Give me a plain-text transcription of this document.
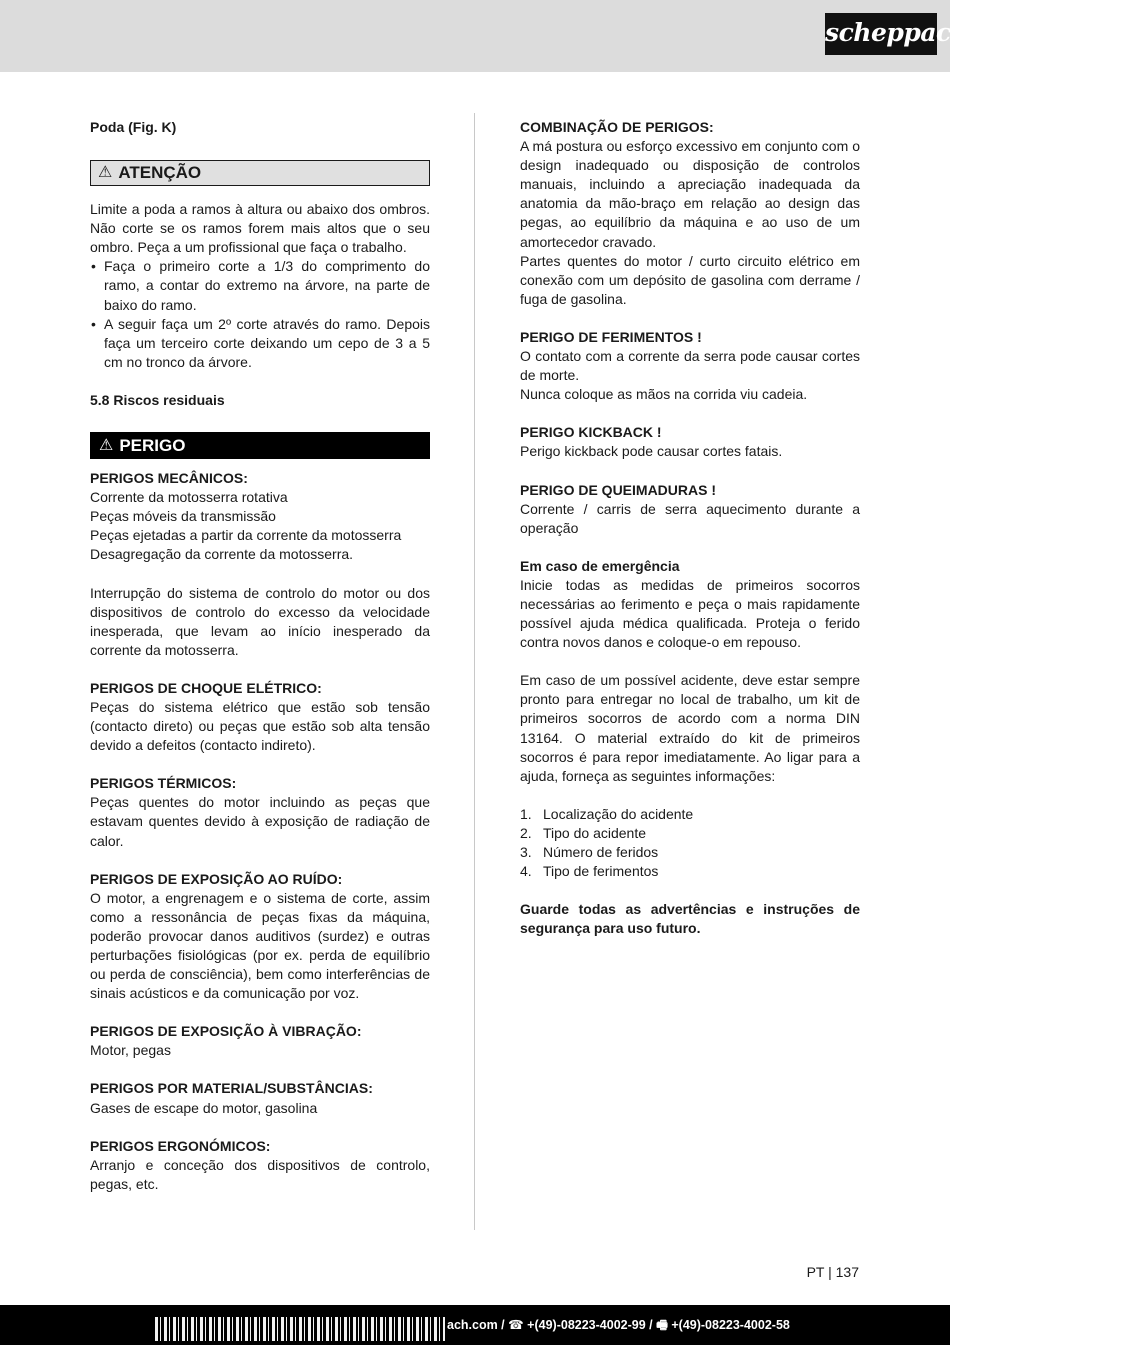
scheppach

Poda (Fig. K)

⚠ ATENÇÃO

Limite a poda a ramos à altura ou abaixo dos ombros. Não corte se os ramos forem mais altos que o seu ombro. Peça a um profissional que faça o trabalho.

• Faça o primeiro corte a 1/3 do comprimento do ramo, a contar do extremo na árvore, na parte de baixo do ramo.
• A seguir faça um 2º corte através do ramo. Depois faça um terceiro corte deixando um cepo de 3 a 5 cm no tronco da árvore.

5.8 Riscos residuais

⚠ PERIGO

PERIGOS MECÂNICOS:

Corrente da motosserra rotativa

Peças móveis da transmissão

Peças ejetadas a partir da corrente da motosserra

Desagregação da corrente da motosserra.

Interrupção do sistema de controlo do motor ou dos dispositivos de controlo do excesso da velocidade inesperada, que levam ao início inesperado da corrente da motosserra.

PERIGOS DE CHOQUE ELÉTRICO:

Peças do sistema elétrico que estão sob tensão (contacto direto) ou peças que estão sob alta tensão devido a defeitos (contacto indireto).

PERIGOS TÉRMICOS:

Peças quentes do motor incluindo as peças que estavam quentes devido à exposição de radiação de calor.

PERIGOS DE EXPOSIÇÃO AO RUÍDO:

O motor, a engrenagem e o sistema de corte, assim como a ressonância de peças fixas da máquina, poderão provocar danos auditivos (surdez) e outras perturbações fisiológicas (por ex. perda de equilíbrio ou perda de consciência), bem como interferências de sinais acústicos e da comunicação por voz.

PERIGOS DE EXPOSIÇÃO À VIBRAÇÃO:

Motor, pegas

PERIGOS POR MATERIAL/SUBSTÂNCIAS:

Gases de escape do motor, gasolina

PERIGOS ERGONÓMICOS:

Arranjo e conceção dos dispositivos de controlo, pegas, etc.

COMBINAÇÃO DE PERIGOS:

A má postura ou esforço excessivo em conjunto com o design inadequado ou disposição de controlos manuais, incluindo a apreciação inadequada da anatomia da mão-braço em relação ao design das pegas, ao equilíbrio da máquina e ao uso de um amortecedor cravado.

Partes quentes do motor / curto circuito elétrico em conexão com um depósito de gasolina com derrame / fuga de gasolina.

PERIGO DE FERIMENTOS !

O contato com a corrente da serra pode causar cortes de morte.

Nunca coloque as mãos na corrida viu cadeia.

PERIGO KICKBACK !

Perigo kickback pode causar cortes fatais.

PERIGO DE QUEIMADURAS !

Corrente / carris de serra aquecimento durante a operação

Em caso de emergência

Inicie todas as medidas de primeiros socorros necessárias ao ferimento e peça o mais rapidamente possível ajuda médica qualificada. Proteja o ferido contra novos danos e coloque-o em repouso.

Em caso de um possível acidente, deve estar sempre pronto para entregar no local de trabalho, um kit de primeiros socorros de acordo com a norma DIN 13164. O material extraído do kit de primeiros socorros é para repor imediatamente. Ao ligar para a ajuda, forneça as seguintes informações:

1. Localização do acidente
2. Tipo do acidente
3. Número de feridos
4. Tipo de ferimentos

Guarde todas as advertências e instruções de segurança para uso futuro.

PT | 137
ach.com / ☎ +(49)-08223-4002-99 / 🖷 +(49)-08223-4002-58
